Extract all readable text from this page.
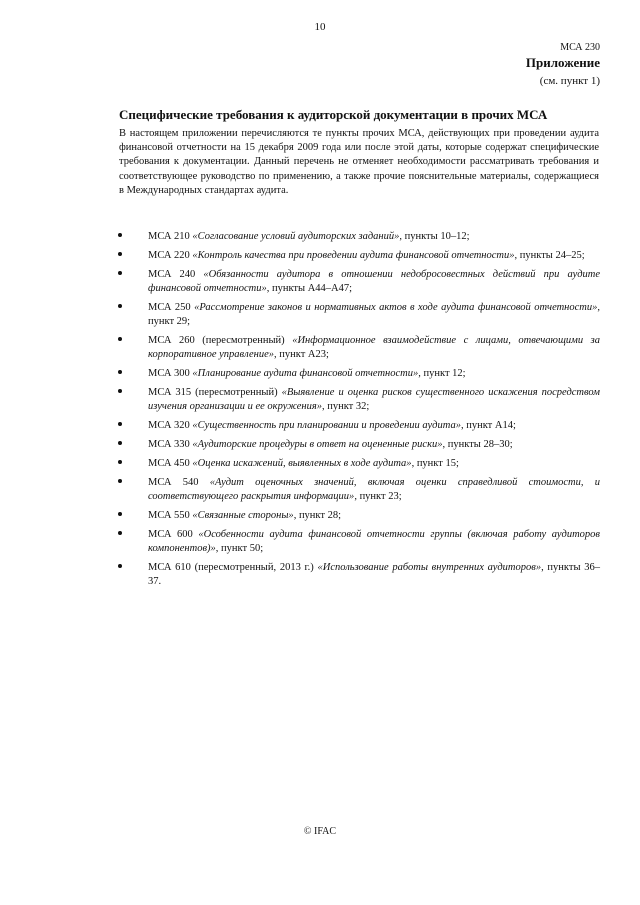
10
МСА 230
Приложение
(см. пункт 1)
Специфические требования к аудиторской документации в прочих МСА
В настоящем приложении перечисляются те пункты прочих МСА, действующих при проведении аудита финансовой отчетности на 15 декабря 2009 года или после этой даты, которые содержат специфические требования к документации. Данный перечень не отменяет необходимости рассматривать требования и соответствующее руководство по применению, а также прочие пояснительные материалы, содержащиеся в Международных стандартах аудита.
МСА 210 «Согласование условий аудиторских заданий», пункты 10–12;
МСА 220 «Контроль качества при проведении аудита финансовой отчетности», пункты 24–25;
МСА 240 «Обязанности аудитора в отношении недобросовестных действий при аудите финансовой отчетности», пункты А44–А47;
МСА 250 «Рассмотрение законов и нормативных актов в ходе аудита финансовой отчетности», пункт 29;
МСА 260 (пересмотренный) «Информационное взаимодействие с лицами, отвечающими за корпоративное управление», пункт А23;
МСА 300 «Планирование аудита финансовой отчетности», пункт 12;
МСА 315 (пересмотренный) «Выявление и оценка рисков существенного искажения посредством изучения организации и ее окружения», пункт 32;
МСА 320 «Существенность при планировании и проведении аудита», пункт А14;
МСА 330 «Аудиторские процедуры в ответ на оцененные риски», пункты 28–30;
МСА 450 «Оценка искажений, выявленных в ходе аудита», пункт 15;
МСА 540 «Аудит оценочных значений, включая оценки справедливой стоимости, и соответствующего раскрытия информации», пункт 23;
МСА 550 «Связанные стороны», пункт 28;
МСА 600 «Особенности аудита финансовой отчетности группы (включая работу аудиторов компонентов)», пункт 50;
МСА 610 (пересмотренный, 2013 г.) «Использование работы внутренних аудиторов», пункты 36–37.
© IFAC
